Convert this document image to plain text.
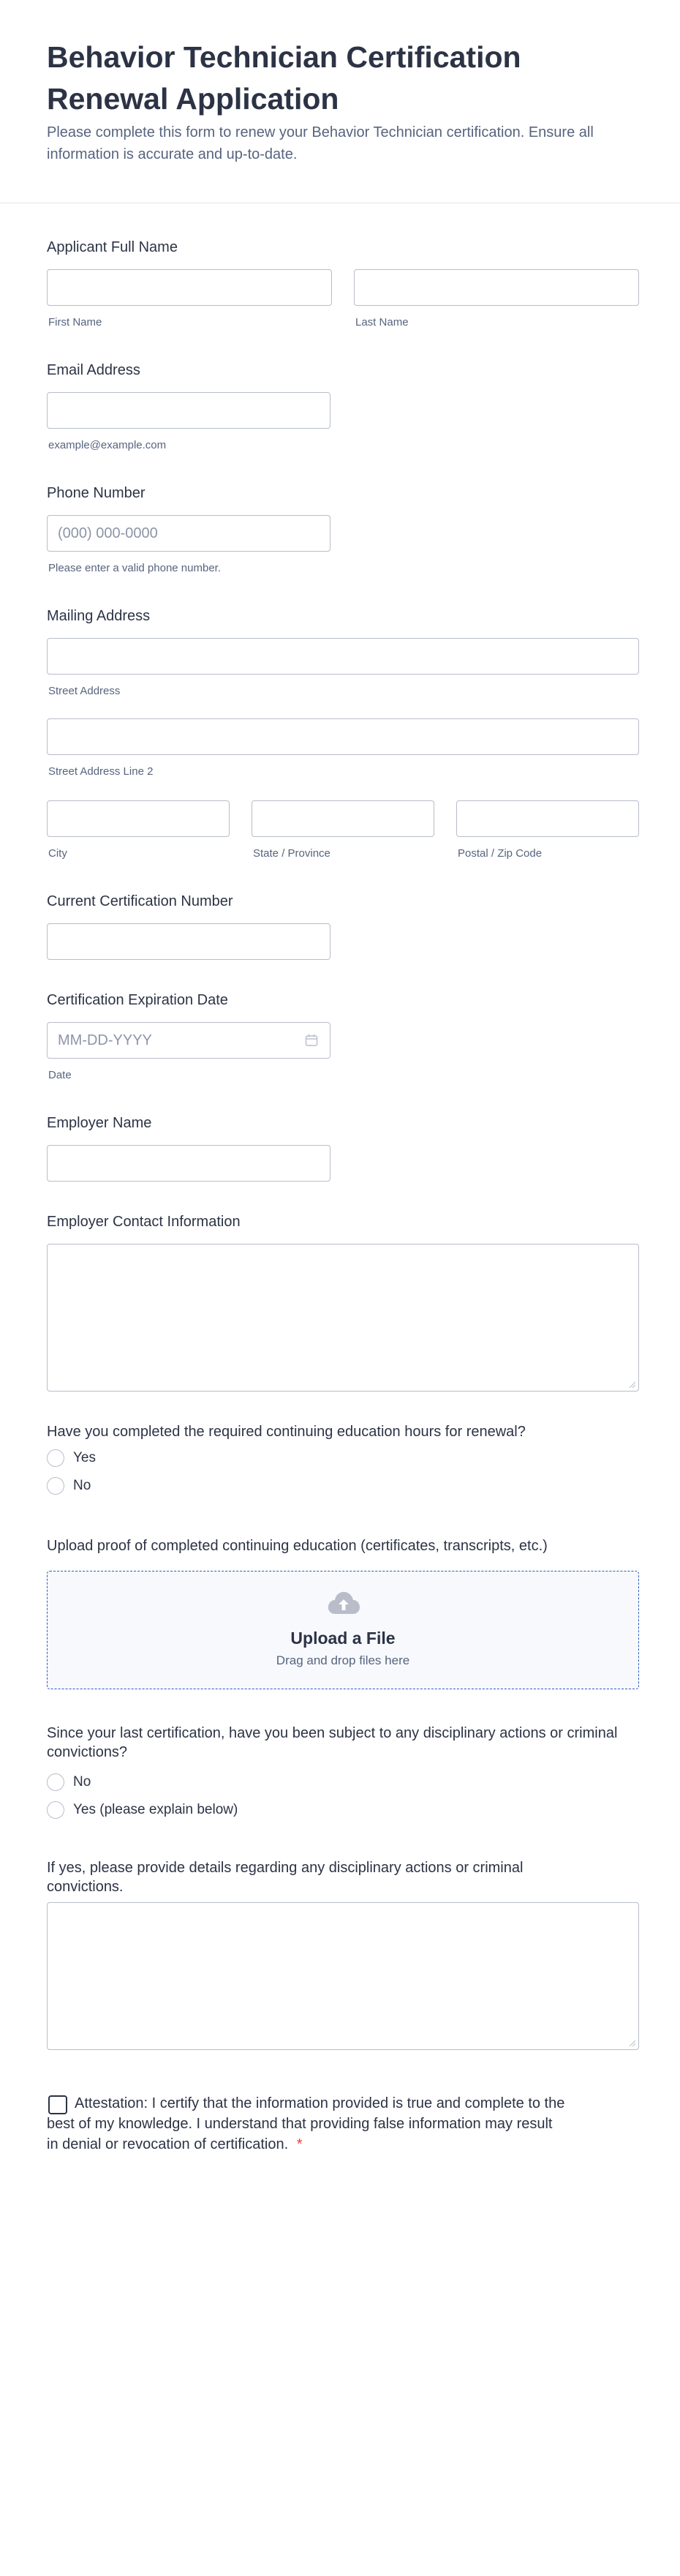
Behavior Technician Certification Renewal Application

Please complete this form to renew your Behavior Technician certification. Ensure all information is accurate and up-to-date.

Applicant Full Name
First Name	Last Name
Email Address
example@example.com
Phone Number
(000) 000-0000
Please enter a valid phone number.
Mailing Address
Street Address
Street Address Line 2
City	State / Province	Postal / Zip Code
Current Certification Number
Certification Expiration Date
MM-DD-YYYY
Date
Employer Name
Employer Contact Information
Have you completed the required continuing education hours for renewal?
Yes
No
Upload proof of completed continuing education (certificates, transcripts, etc.)
Upload a File
Drag and drop files here
Since your last certification, have you been subject to any disciplinary actions or criminal convictions?
No
Yes (please explain below)
If yes, please provide details regarding any disciplinary actions or criminal convictions.
Attestation: I certify that the information provided is true and complete to the best of my knowledge. I understand that providing false information may result in denial or revocation of certification. *
